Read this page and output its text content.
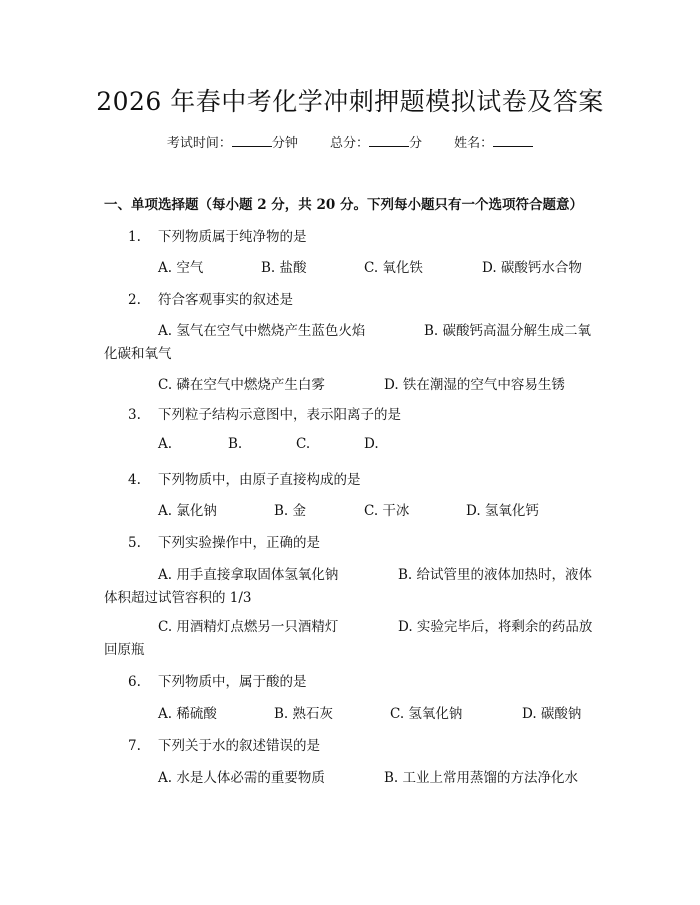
2026 年春中考化学冲刺押题模拟试卷及答案
考试时间：	分钟 总分：	分 姓名：
一、单项选择题（每小题 2 分，共 20 分。下列每小题只有一个选项符合题意）
1. 下列物质属于纯净物的是
A. 空气	B. 盐酸	C. 氧化铁	D. 碳酸钙水合物
2. 符合客观事实的叙述是
A. 氢气在空气中燃烧产生蓝色火焰	B. 碳酸钙高温分解生成二氧
化碳和氧气
C. 磷在空气中燃烧产生白雾	D. 铁在潮湿的空气中容易生锈
3. 下列粒子结构示意图中，表示阳离子的是
A.	B.	C.	D.
4. 下列物质中，由原子直接构成的是
A. 氯化钠	B. 金	C. 干冰	D. 氢氧化钙
5. 下列实验操作中，正确的是
A. 用手直接拿取固体氢氧化钠	B. 给试管里的液体加热时，液体
体积超过试管容积的 1/3
C. 用酒精灯点燃另一只酒精灯	D. 实验完毕后，将剩余的药品放
回原瓶
6. 下列物质中，属于酸的是
A. 稀硫酸	B. 熟石灰	C. 氢氧化钠	D. 碳酸钠
7. 下列关于水的叙述错误的是
A. 水是人体必需的重要物质	B. 工业上常用蒸馏的方法净化水
